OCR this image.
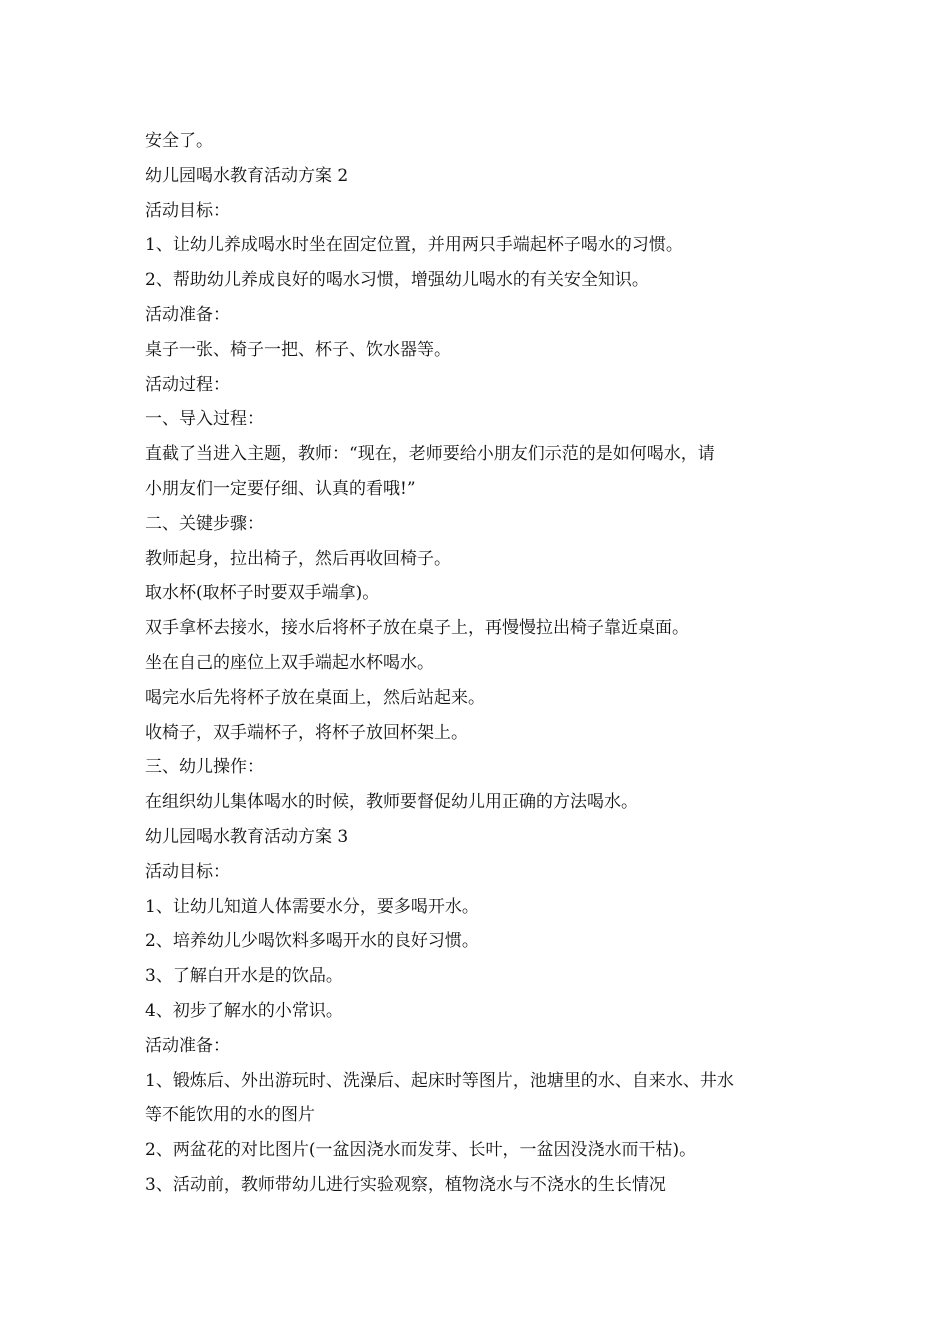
安全了。

幼儿园喝水教育活动方案 2

活动目标：

1、让幼儿养成喝水时坐在固定位置，并用两只手端起杯子喝水的习惯。

2、帮助幼儿养成良好的喝水习惯，增强幼儿喝水的有关安全知识。

活动准备：

桌子一张、椅子一把、杯子、饮水器等。

活动过程：

一、导入过程：

直截了当进入主题，教师：“现在，老师要给小朋友们示范的是如何喝水，请

小朋友们一定要仔细、认真的看哦!”

二、关键步骤：

教师起身，拉出椅子，然后再收回椅子。

取水杯(取杯子时要双手端拿)。

双手拿杯去接水，接水后将杯子放在桌子上，再慢慢拉出椅子靠近桌面。

坐在自己的座位上双手端起水杯喝水。

喝完水后先将杯子放在桌面上，然后站起来。

收椅子，双手端杯子，将杯子放回杯架上。

三、幼儿操作：

在组织幼儿集体喝水的时候，教师要督促幼儿用正确的方法喝水。

幼儿园喝水教育活动方案 3

活动目标：

1、让幼儿知道人体需要水分，要多喝开水。

2、培养幼儿少喝饮料多喝开水的良好习惯。

3、了解白开水是的饮品。

4、初步了解水的小常识。

活动准备：

1、锻炼后、外出游玩时、洗澡后、起床时等图片，池塘里的水、自来水、井水

等不能饮用的水的图片

2、两盆花的对比图片(一盆因浇水而发芽、长叶，一盆因没浇水而干枯)。

3、活动前，教师带幼儿进行实验观察，植物浇水与不浇水的生长情况
